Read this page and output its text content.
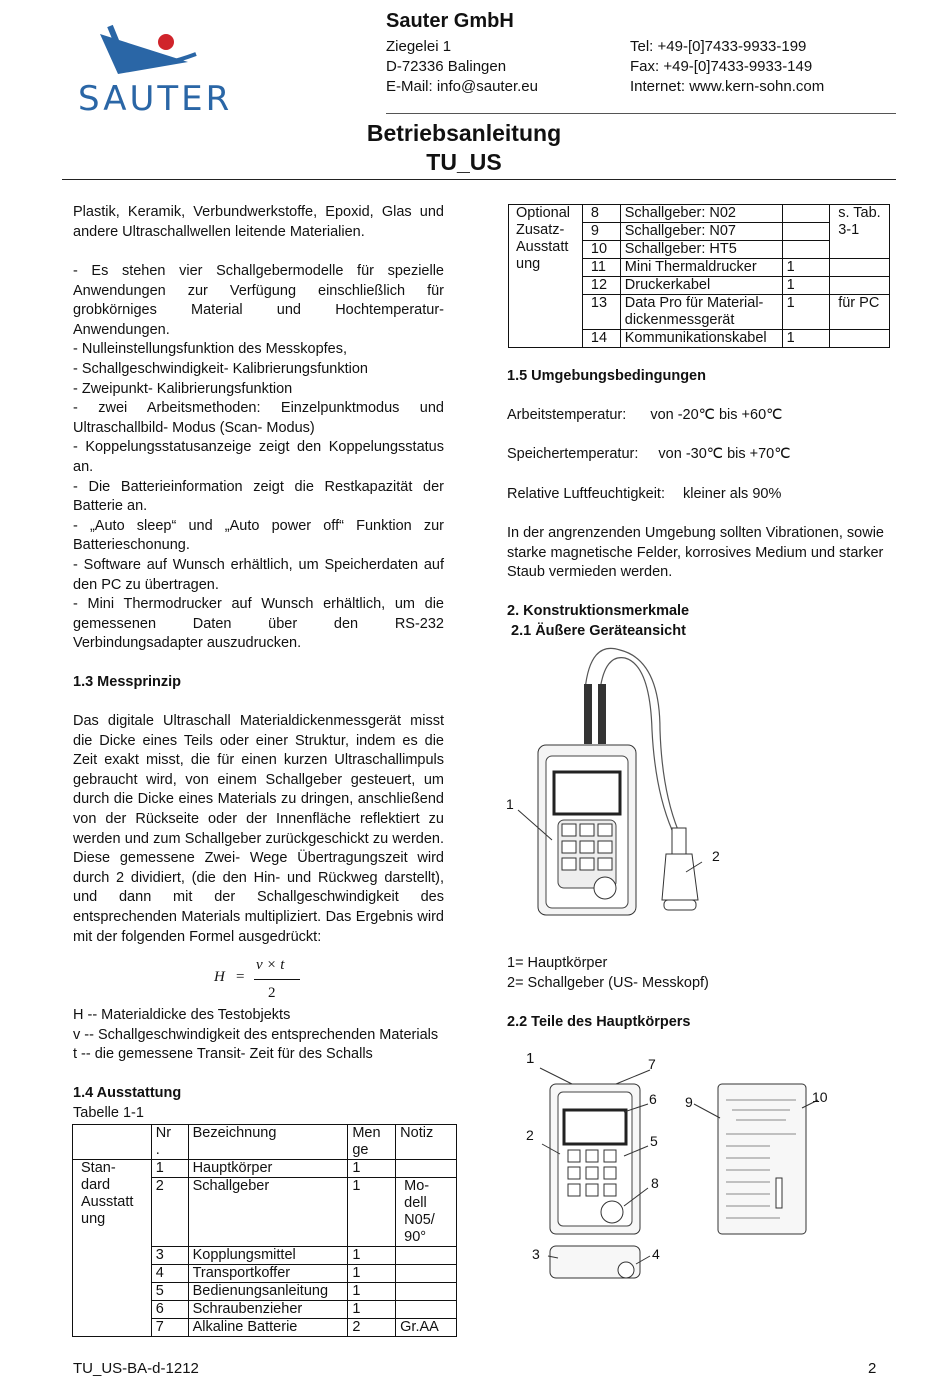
SAUTER
Sauter GmbH
Ziegelei 1
D-72336 Balingen
E-Mail: info@sauter.eu
Tel: +49-[0]7433-9933-199
Fax: +49-[0]7433-9933-149
Internet: www.kern-sohn.com
Betriebsanleitung
TU_US
Plastik, Keramik, Verbundwerkstoffe, Epoxid, Glas und andere Ultraschallwellen leitende Materialien.
- Es stehen vier Schallgebermodelle für spezielle Anwendungen zur Verfügung einschließlich für grobkörniges Material und Hochtemperatur-Anwendungen.
- Nulleinstellungsfunktion des Messkopfes,
- Schallgeschwindigkeit- Kalibrierungsfunktion
- Zweipunkt- Kalibrierungsfunktion
- zwei Arbeitsmethoden: Einzelpunktmodus und Ultraschallbild- Modus (Scan- Modus)
- Koppelungsstatusanzeige zeigt den Koppelungsstatus an.
- Die Batterieinformation zeigt die Restkapazität der Batterie an.
- „Auto sleep“ und „Auto power off“ Funktion zur Batterieschonung.
- Software auf Wunsch erhältlich, um Speicherdaten auf den PC zu übertragen.
- Mini Thermodrucker auf Wunsch erhältlich, um die gemessenen Daten über den RS-232 Verbindungsadapter auszudrucken.
1.3 Messprinzip
Das digitale Ultraschall Materialdickenmessgerät misst die Dicke eines Teils oder einer Struktur, indem es die Zeit exakt misst, die für einen kurzen Ultraschallimpuls gebraucht wird, von einem Schallgeber gesteuert, um durch die Dicke eines Materials zu dringen, anschließend von der Rückseite oder der Innenfläche reflektiert zu werden und zum Schallgeber zurückgeschickt zu werden. Diese gemessene Zwei- Wege Übertragungszeit wird durch 2 dividiert, (die den Hin- und Rückweg darstellt), und dann mit der Schallgeschwindigkeit des entsprechenden Materials multipliziert. Das Ergebnis wird mit der folgenden Formel ausgedrückt:
H =
v × t
2
H -- Materialdicke des Testobjekts
v -- Schallgeschwindigkeit des entsprechenden Materials
t -- die gemessene Transit- Zeit für des Schalls
1.4 Ausstattung
Tabelle 1-1
	Nr
.	Bezeichnung	Men
ge	Notiz
Stan-
dard
Ausstatt
ung	1	Hauptkörper	1	
	2	Schallgeber	1	Mo-
dell
N05/
90°
	3	Kopplungsmittel	1	
	4	Transportkoffer	1	
	5	Bedienungsanleitung	1	
	6	Schraubenzieher	1	
	7	Alkaline Batterie	2	Gr.AA
Optional
Zusatz-
Ausstatt
ung	8	Schallgeber: N02		s. Tab.
3-1
	9	Schallgeber: N07		
	10	Schallgeber: HT5		
	11	Mini Thermaldrucker	1	
	12	Druckerkabel	1	
	13	Data Pro für Material-
dickenmessgerät	1	für PC
	14	Kommunikationskabel	1	
1.5 Umgebungsbedingungen
Arbeitstemperatur: von -20℃ bis +60℃
Speichertemperatur: von -30℃ bis +70℃
Relative Luftfeuchtigkeit: kleiner als 90%
In der angrenzenden Umgebung sollten Vibrationen, sowie starke magnetische Felder, korrosives Medium und starker Staub vermieden werden.
2. Konstruktionsmerkmale
2.1 Äußere Geräteansicht
1
2
1= Hauptkörper
2= Schallgeber (US- Messkopf)
2.2 Teile des Hauptkörpers
1	7
6 9	10
2	5
8
3	4
TU_US-BA-d-1212	2
